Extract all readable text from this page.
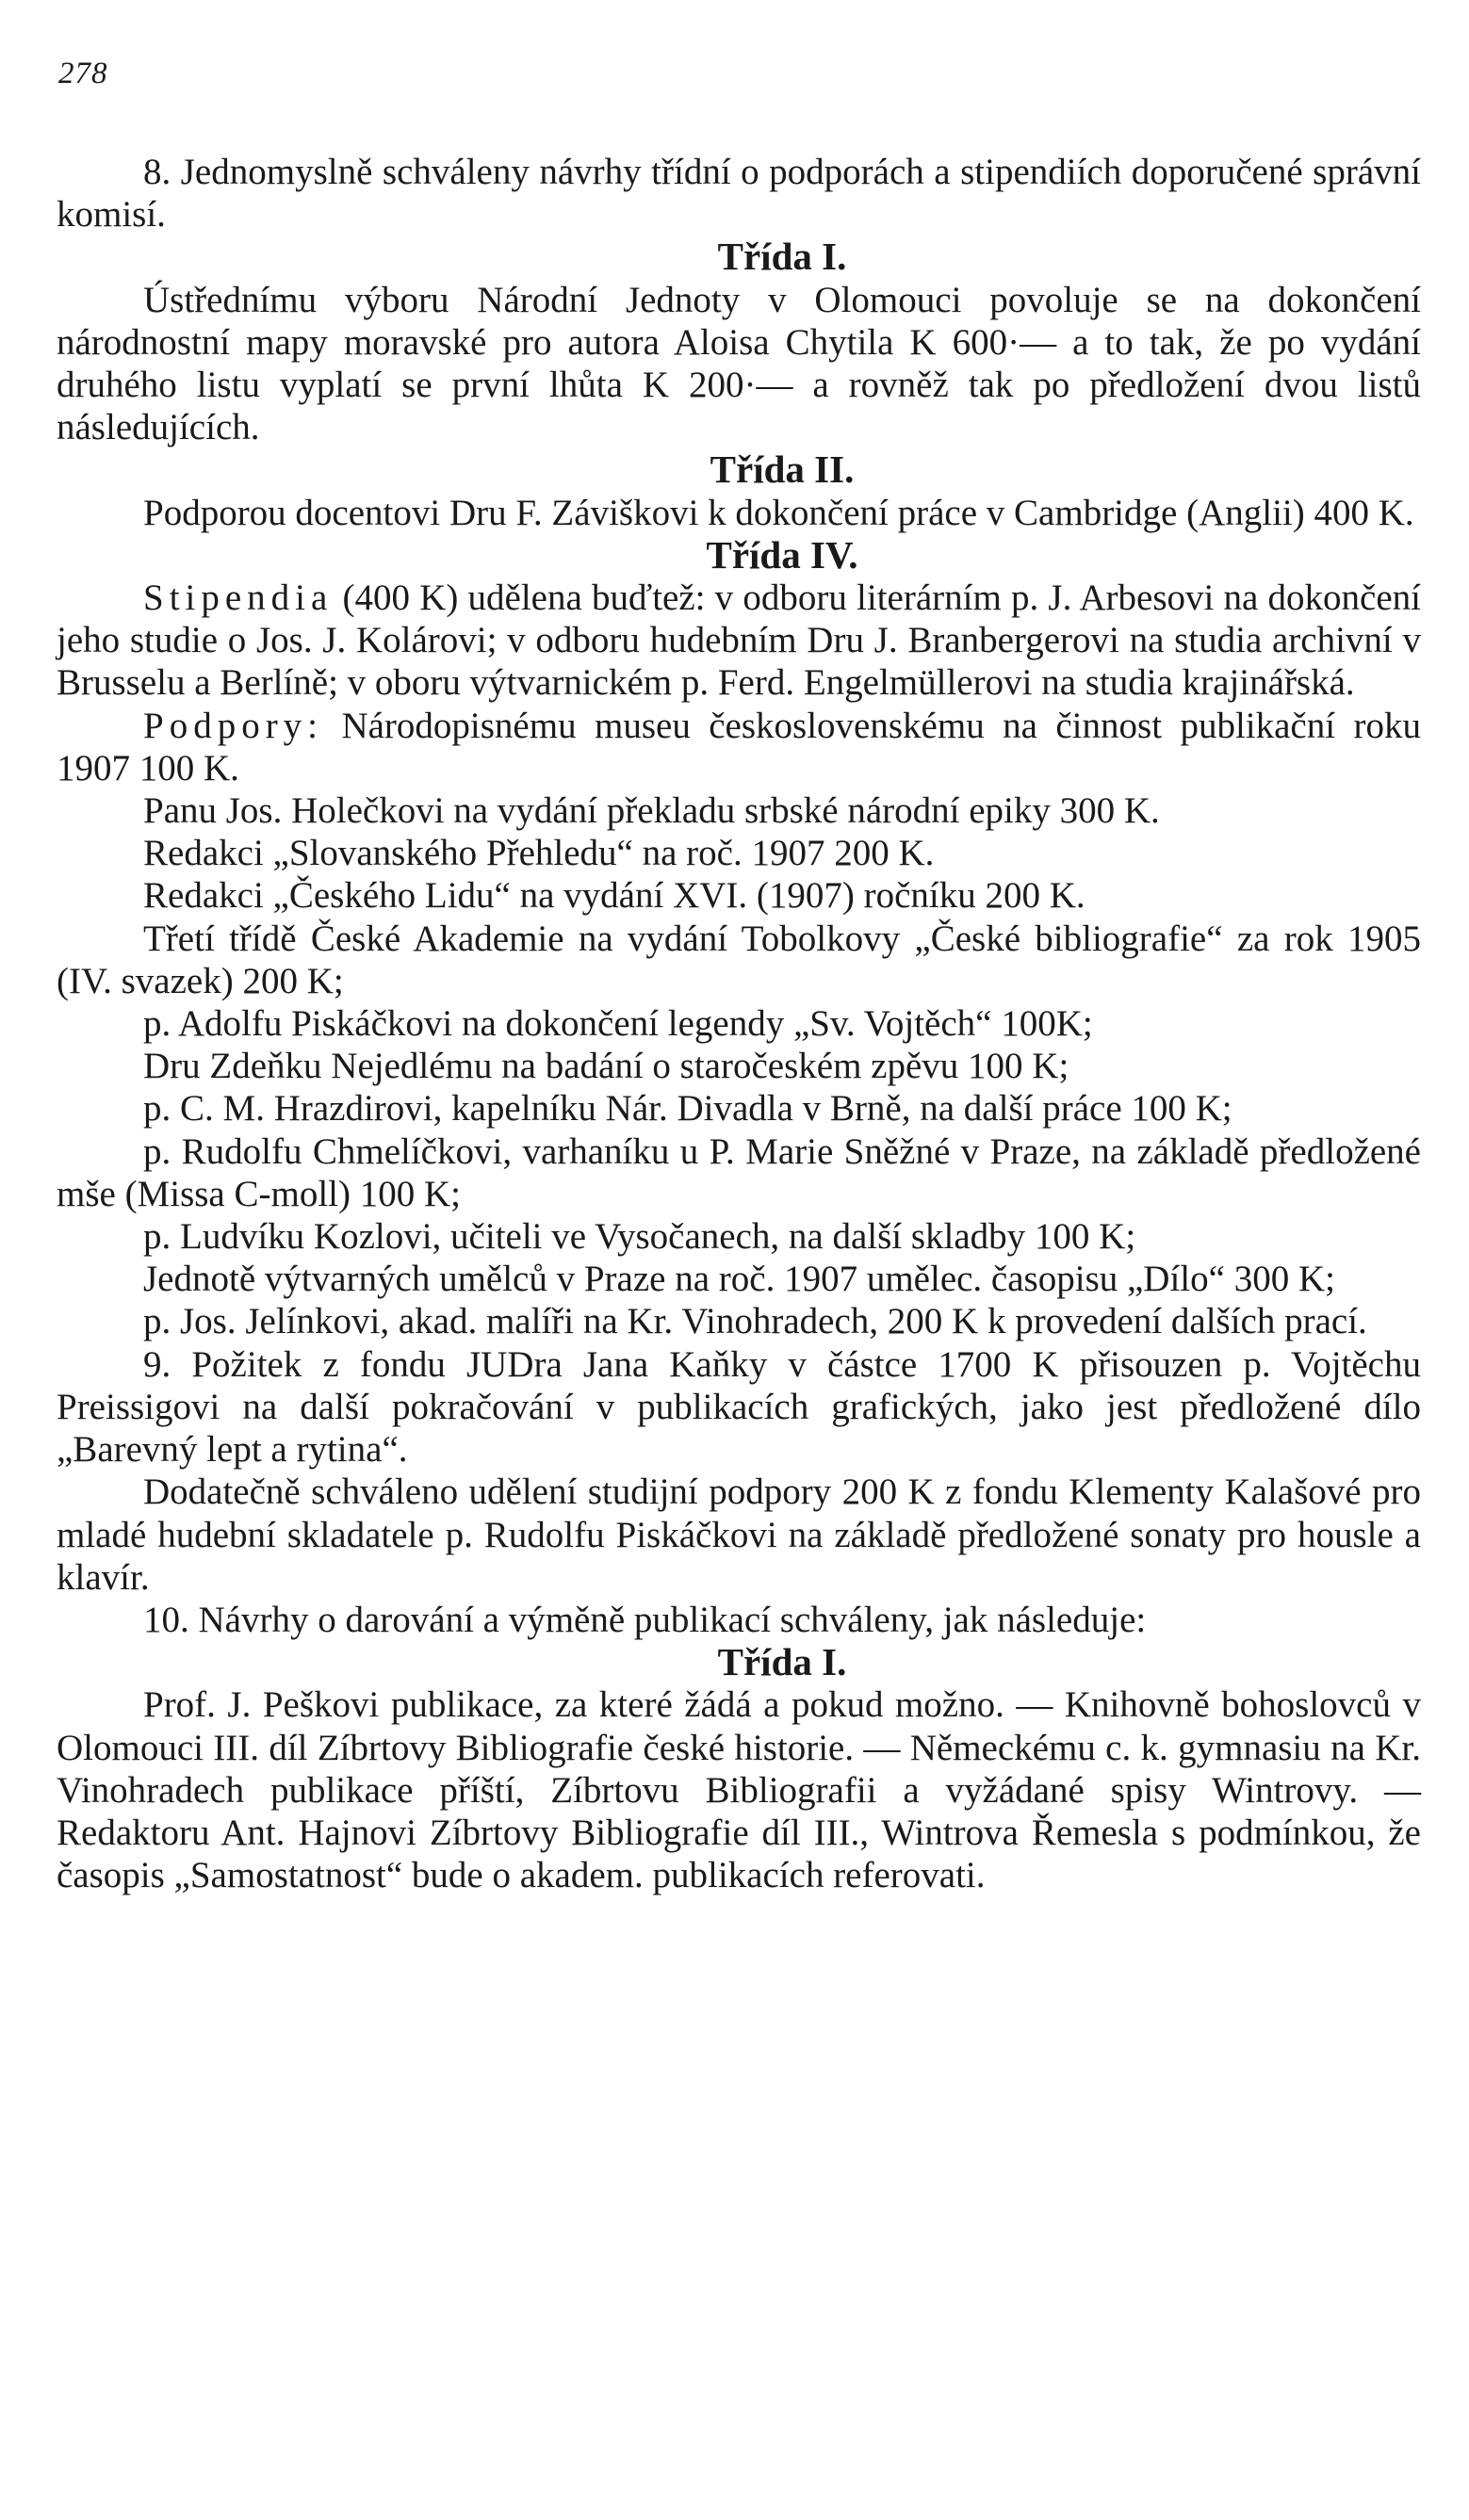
278

8. Jednomyslně schváleny návrhy třídní o podporách a stipendiích doporučené správní komisí.

Třída I.

Ústřednímu výboru Národní Jednoty v Olomouci povoluje se na dokončení národnostní mapy moravské pro autora Aloisa Chytila K 600·— a to tak, že po vydání druhého listu vyplatí se první lhůta K 200·— a rovněž tak po předložení dvou listů následujících.

Třída II.

Podporou docentovi Dru F. Záviškovi k dokončení práce v Cambridge (Anglii) 400 K.

Třída IV.

Stipendia (400 K) udělena buďtež: v odboru literárním p. J. Arbesovi na dokončení jeho studie o Jos. J. Kolárovi; v odboru hudebním Dru J. Branbergerovi na studia archivní v Brusselu a Berlíně; v oboru výtvarnickém p. Ferd. Engelmüllerovi na studia krajinářská.

Podpory: Národopisnému museu československému na činnost publikační roku 1907 100 K.

Panu Jos. Holečkovi na vydání překladu srbské národní epiky 300 K.

Redakci „Slovanského Přehledu“ na roč. 1907 200 K.

Redakci „Českého Lidu“ na vydání XVI. (1907) ročníku 200 K.

Třetí třídě České Akademie na vydání Tobolkovy „České bibliografie“ za rok 1905 (IV. svazek) 200 K;

p. Adolfu Piskáčkovi na dokončení legendy „Sv. Vojtěch“ 100K;

Dru Zdeňku Nejedlému na badání o staročeském zpěvu 100 K;

p. C. M. Hrazdirovi, kapelníku Nár. Divadla v Brně, na další práce 100 K;

p. Rudolfu Chmelíčkovi, varhaníku u P. Marie Sněžné v Praze, na základě předložené mše (Missa C-moll) 100 K;

p. Ludvíku Kozlovi, učiteli ve Vysočanech, na další skladby 100 K;

Jednotě výtvarných umělců v Praze na roč. 1907 umělec. časopisu „Dílo“ 300 K;

p. Jos. Jelínkovi, akad. malíři na Kr. Vinohradech, 200 K k provedení dalších prací.

9. Požitek z fondu JUDra Jana Kaňky v částce 1700 K přisouzen p. Vojtěchu Preissigovi na další pokračování v publikacích grafických, jako jest předložené dílo „Barevný lept a rytina“.

Dodatečně schváleno udělení studijní podpory 200 K z fondu Klementy Kalašové pro mladé hudební skladatele p. Rudolfu Piskáčkovi na základě předložené sonaty pro housle a klavír.

10. Návrhy o darování a výměně publikací schváleny, jak následuje:

Třída I.

Prof. J. Peškovi publikace, za které žádá a pokud možno. — Knihovně bohoslovců v Olomouci III. díl Zíbrtovy Bibliografie české historie. — Německému c. k. gymnasiu na Kr. Vinohradech publikace příští, Zíbrtovu Bibliografii a vyžádané spisy Wintrovy. — Redaktoru Ant. Hajnovi Zíbrtovy Bibliografie díl III., Wintrova Řemesla s podmínkou, že časopis „Samostatnost“ bude o akadem. publikacích referovati.
